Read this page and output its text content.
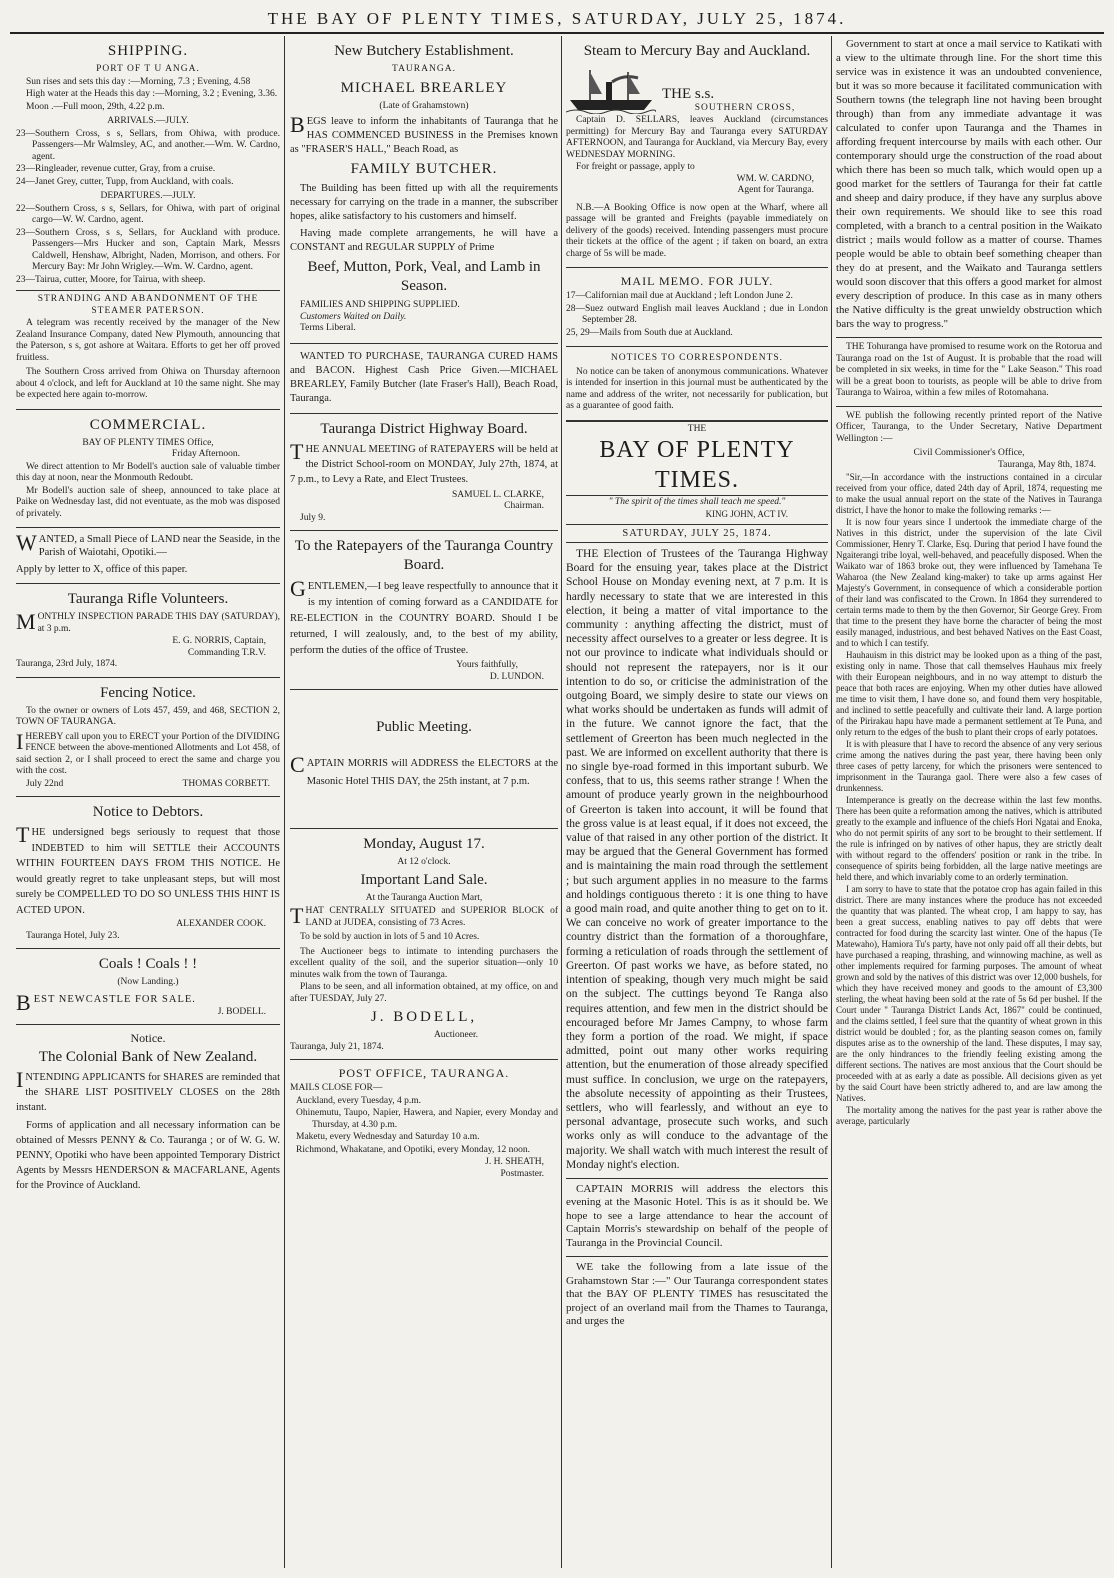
THE BAY OF PLENTY TIMES, SATURDAY, JULY 25, 1874.
SHIPPING.
PORT OF T U ANGA.

Sun rises and sets this day :—Morning, 7.3 ; Evening, 4.58

High water at the Heads this day :—Morning, 3.2 ; Evening, 3.36.

Moon .—Full moon, 29th, 4.22 p.m.

ARRIVALS.—JULY.

23—Southern Cross, s s, Sellars, from Ohiwa, with produce. Passengers—Mr Walmsley, AC, and another.—Wm. W. Cardno, agent.

23—Ringleader, revenue cutter, Gray, from a cruise.

24—Janet Grey, cutter, Tupp, from Auckland, with coals.

DEPARTURES.—JULY.

22—Southern Cross, s s, Sellars, for Ohiwa, with part of original cargo—W. W. Cardno, agent.

23—Southern Cross, s s, Sellars, for Auckland with produce. Passengers—Mrs Hucker and son, Captain Mark, Messrs Caldwell, Henshaw, Albright, Naden, Morrison, and others. For Mercury Bay: Mr John Wrigley.—Wm. W. Cardno, agent.

23—Tairua, cutter, Moore, for Tairua, with sheep.

STRANDING AND ABANDONMENT OF THE STEAMER PATERSON.

A telegram was recently received by the manager of the New Zealand Insurance Company, dated New Plymouth, announcing that the Paterson, s s, got ashore at Waitara. Efforts to get her off proved fruitless.

The Southern Cross arrived from Ohiwa on Thursday afternoon about 4 o'clock, and left for Auckland at 10 the same night. She may be expected here again to-morrow.

COMMERCIAL.
BAY OF PLENTY TIMES Office,
Friday Afternoon.

We direct attention to Mr Bodell's auction sale of valuable timber this day at noon, near the Monmouth Redoubt.

Mr Bodell's auction sale of sheep, announced to take place at Paike on Wednesday last, did not eventuate, as the mob was disposed of privately.

WANTED, a Small Piece of LAND near the Seaside, in the Parish of Waiotahi, Opotiki.—

Apply by letter to X, office of this paper.

Tauranga Rifle Volunteers.

MONTHLY INSPECTION PARADE THIS DAY (SATURDAY), at 3 p.m.

E. G. NORRIS, Captain,
Commanding T.R.V.
Tauranga, 23rd July, 1874.
Fencing Notice.

To the owner or owners of Lots 457, 459, and 468, SECTION 2, TOWN OF TAURANGA.

IHEREBY call upon you to ERECT your Portion of the DIVIDING FENCE between the above-mentioned Allotments and Lot 458, of said section 2, or I shall proceed to erect the same and charge you with the cost.

July 22nd	THOMAS CORBETT.
Notice to Debtors.

THE undersigned begs seriously to request that those INDEBTED to him will SETTLE their ACCOUNTS WITHIN FOURTEEN DAYS FROM THIS NOTICE. He would greatly regret to take unpleasant steps, but will most surely be COMPELLED TO DO SO UNLESS THIS HINT IS ACTED UPON.

ALEXANDER COOK.
Tauranga Hotel, July 23.
Coals ! Coals ! !
(Now Landing.)

BEST NEWCASTLE FOR SALE.

J. BODELL.
Notice.
The Colonial Bank of New Zealand.

INTENDING APPLICANTS for SHARES are reminded that the SHARE LIST POSITIVELY CLOSES on the 28th instant.

Forms of application and all necessary information can be obtained of Messrs PENNY & Co. Tauranga ; or of W. G. W. PENNY, Opotiki who have been appointed Temporary District Agents by Messrs HENDERSON & MACFARLANE, Agents for the Province of Auckland.

New Butchery Establishment.
TAURANGA.
MICHAEL BREARLEY
(Late of Grahamstown)

BEGS leave to inform the inhabitants of Tauranga that he HAS COMMENCED BUSINESS in the Premises known as "FRASER'S HALL," Beach Road, as

FAMILY BUTCHER.

The Building has been fitted up with all the requirements necessary for carrying on the trade in a manner, the subscriber hopes, alike satisfactory to his customers and himself.

Having made complete arrangements, he will have a CONSTANT and REGULAR SUPPLY of Prime

Beef, Mutton, Pork, Veal, and Lamb in Season.
FAMILIES AND SHIPPING SUPPLIED.
Customers Waited on Daily.
Terms Liberal.

WANTED TO PURCHASE, TAURANGA CURED HAMS and BACON. Highest Cash Price Given.—MICHAEL BREARLEY, Family Butcher (late Fraser's Hall), Beach Road, Tauranga.

Tauranga District Highway Board.

THE ANNUAL MEETING of RATEPAYERS will be held at the District School-room on MONDAY, July 27th, 1874, at 7 p.m., to Levy a Rate, and Elect Trustees.

SAMUEL L. CLARKE,
Chairman.
July 9.
To the Ratepayers of the Tauranga Country Board.

GENTLEMEN,—I beg leave respectfully to announce that it is my intention of coming forward as a CANDIDATE for RE-ELECTION in the COUNTRY BOARD. Should I be returned, I will zealously, and, to the best of my ability, perform the duties of the office of Trustee.

Yours faithfully,
D. LUNDON.
Public Meeting.

CAPTAIN MORRIS will ADDRESS the ELECTORS at the Masonic Hotel THIS DAY, the 25th instant, at 7 p.m.

Monday, August 17.
At 12 o'clock.
Important Land Sale.
At the Tauranga Auction Mart,

THAT CENTRALLY SITUATED and SUPERIOR BLOCK of LAND at JUDEA, consisting of 73 Acres.

To be sold by auction in lots of 5 and 10 Acres.

The Auctioneer begs to intimate to intending purchasers the excellent quality of the soil, and the superior situation—only 10 minutes walk from the town of Tauranga.

Plans to be seen, and all information obtained, at my office, on and after TUESDAY, July 27.

J. BODELL,
Auctioneer.
Tauranga, July 21, 1874.
POST OFFICE, TAURANGA.
MAILS CLOSE FOR—

Auckland, every Tuesday, 4 p.m.

Ohinemutu, Taupo, Napier, Hawera, and Napier, every Monday and Thursday, at 4.30 p.m.

Maketu, every Wednesday and Saturday 10 a.m.

Richmond, Whakatane, and Opotiki, every Monday, 12 noon.

J. H. SHEATH,
Postmaster.
Steam to Mercury Bay and Auckland.
THE s.s.
SOUTHERN CROSS,

Captain D. SELLARS, leaves Auckland (circumstances permitting) for Mercury Bay and Tauranga every SATURDAY AFTERNOON, and Tauranga for Auckland, via Mercury Bay, every WEDNESDAY MORNING.

For freight or passage, apply to
WM. W. CARDNO,
Agent for Tauranga.

N.B.—A Booking Office is now open at the Wharf, where all passage will be granted and Freights (payable immediately on delivery of the goods) received. Intending passengers must procure their tickets at the office of the agent ; if taken on board, an extra charge of 5s will be made.

MAIL MEMO. FOR JULY.

17—Californian mail due at Auckland ; left London June 2.

28—Suez outward English mail leaves Auckland ; due in London September 28.

25, 29—Mails from South due at Auckland.

NOTICES TO CORRESPONDENTS.

No notice can be taken of anonymous communications. Whatever is intended for insertion in this journal must be authenticated by the name and address of the writer, not necessarily for publication, but as a guarantee of good faith.

THE
BAY OF PLENTY TIMES.
" The spirit of the times shall teach me speed."
KING JOHN, ACT IV.
SATURDAY, JULY 25, 1874.

THE Election of Trustees of the Tauranga Highway Board for the ensuing year, takes place at the District School House on Monday evening next, at 7 p.m. It is hardly necessary to state that we are interested in this election, it being a matter of vital importance to the community : anything affecting the district, must of necessity affect ourselves to a greater or less degree. It is not our province to indicate what individuals should or should not represent the ratepayers, nor is it our intention to do so, or criticise the administration of the outgoing Board, we simply desire to state our views on what works should be undertaken as funds will admit of in the future. We cannot ignore the fact, that the settlement of Greerton has been much neglected in the past. We are informed on excellent authority that there is no single bye-road formed in this important suburb. We confess, that to us, this seems rather strange ! When the amount of produce yearly grown in the neighbourhood of Greerton is taken into account, it will be found that the gross value is at least equal, if it does not exceed, the value of that raised in any other portion of the district. It may be argued that the General Government has formed and is maintaining the main road through the settlement ; but such argument applies in no measure to the farms and holdings contiguous thereto : it is one thing to have a good main road, and quite another thing to get on to it. We can conceive no work of greater importance to the country district than the formation of a thoroughfare, forming a reticulation of roads through the settlement of Greerton. Of past works we have, as before stated, no intention of speaking, though very much might be said on the subject. The cuttings beyond Te Ranga also requires attention, and few men in the district should be encouraged before Mr James Campny, to whose farm they form a portion of the road. We might, if space admitted, point out many other works requiring attention, but the enumeration of those already specified must suffice. In conclusion, we urge on the ratepayers, the absolute necessity of appointing as their Trustees, settlers, who will fearlessly, and without an eye to personal advantage, prosecute such works, and such works only as will conduce to the advantage of the majority. We shall watch with much interest the result of Monday night's election.

CAPTAIN MORRIS will address the electors this evening at the Masonic Hotel. This is as it should be. We hope to see a large attendance to hear the account of Captain Morris's stewardship on behalf of the people of Tauranga in the Provincial Council.

WE take the following from a late issue of the Grahamstown Star :—" Our Tauranga correspondent states that the BAY OF PLENTY TIMES has resuscitated the project of an overland mail from the Thames to Tauranga, and urges the

Government to start at once a mail service to Katikati with a view to the ultimate through line. For the short time this service was in existence it was an undoubted convenience, but it was so more because it facilitated communication with Southern towns (the telegraph line not having been brought through) than from any immediate advantage it was calculated to confer upon Tauranga and the Thames in affording frequent intercourse by mails with each other. Our contemporary should urge the construction of the road about which there has been so much talk, which would open up a good market for the settlers of Tauranga for their fat cattle and sheep and dairy produce, if they have any surplus above their own requirements. We should like to see this road completed, with a branch to a central position in the Waikato district ; mails would follow as a matter of course. Thames people would be able to obtain beef something cheaper than they do at present, and the Waikato and Tauranga settlers would soon discover that this offers a good market for almost every description of produce. In this case as in many others the Native difficulty is the great unwieldy obstruction which bars the way to progress."

THE Tohuranga have promised to resume work on the Rotorua and Tauranga road on the 1st of August. It is probable that the road will be completed in six weeks, in time for the " Lake Season." This road will be a great boon to tourists, as people will be able to drive from Tauranga to Wairoa, within a few miles of Rotomahana.

WE publish the following recently printed report of the Native Officer, Tauranga, to the Under Secretary, Native Department Wellington :—

Civil Commissioner's Office,
Tauranga, May 8th, 1874.

"Sir,—In accordance with the instructions contained in a circular received from your office, dated 24th day of April, 1874, requesting me to make the usual annual report on the state of the Natives in Tauranga district, I have the honor to make the following remarks :—

It is now four years since I undertook the immediate charge of the Natives in this district, under the supervision of the late Civil Commissioner, Henry T. Clarke, Esq. During that period I have found the Ngaiterangi tribe loyal, well-behaved, and peacefully disposed. When the Waikato war of 1863 broke out, they were influenced by Tamehana Te Waharoa (the New Zealand king-maker) to take up arms against Her Majesty's Government, in consequence of which a considerable portion of their land was confiscated to the Crown. In 1864 they surrendered to certain terms made to them by the then Governor, Sir George Grey. From that time to the present they have borne the character of being the most easily managed, industrious, and best behaved Natives on the East Coast, and to which I can testify.

Hauhauism in this district may be looked upon as a thing of the past, existing only in name. Those that call themselves Hauhaus mix freely with their European neighbours, and in no way attempt to disturb the peace that both races are enjoying. When my other duties have allowed me time to visit them, I have done so, and found them very hospitable, and inclined to settle peacefully and cultivate their land. A large portion of the Pirirakau hapu have made a permanent settlement at Te Puna, and only return to the edges of the bush to plant their crops of early potatoes.

It is with pleasure that I have to record the absence of any very serious crime among the natives during the past year, there having been only three cases of petty larceny, for which the prisoners were sentenced to imprisonment in the Tauranga gaol. There were also a few cases of drunkenness.

Intemperance is greatly on the decrease within the last few months. There has been quite a reformation among the natives, which is attributed greatly to the example and influence of the chiefs Hori Ngatai and Enoka, who do not permit spirits of any sort to be brought to their settlement. If the rule is infringed on by natives of other hapus, they are strictly dealt with without regard to the offenders' position or rank in the tribe. In consequence of spirits being forbidden, all the large native meetings are held there, and which invariably come to an orderly termination.

I am sorry to have to state that the potatoe crop has again failed in this district. There are many instances where the produce has not exceeded the quantity that was planted. The wheat crop, I am happy to say, has been a great success, enabling natives to pay off debts that were contracted for food during the scarcity last winter. One of the hapus (Te Matewaho), Hamiora Tu's party, have not only paid off all their debts, but have purchased a reaping, thrashing, and winnowing machine, as well as other implements required for farming purposes. The amount of wheat grown and sold by the natives of this district was over 12,000 bushels, for which they have received money and goods to the amount of £3,300 sterling, the wheat having been sold at the rate of 5s 6d per bushel. If the Court under " Tauranga District Lands Act, 1867" could be continued, and the claims settled, I feel sure that the quantity of wheat grown in this district would be doubled ; for, as the planting season comes on, family disputes arise as to the ownership of the land. These disputes, I may say, are the only hindrances to the friendly feeling existing among the different sections. The natives are most anxious that the Court should be proceeded with at as early a date as possible. All decisions given as yet by the said Court have been strictly adhered to, and are law among the Natives.

The mortality among the natives for the past year is rather above the average, particularly
